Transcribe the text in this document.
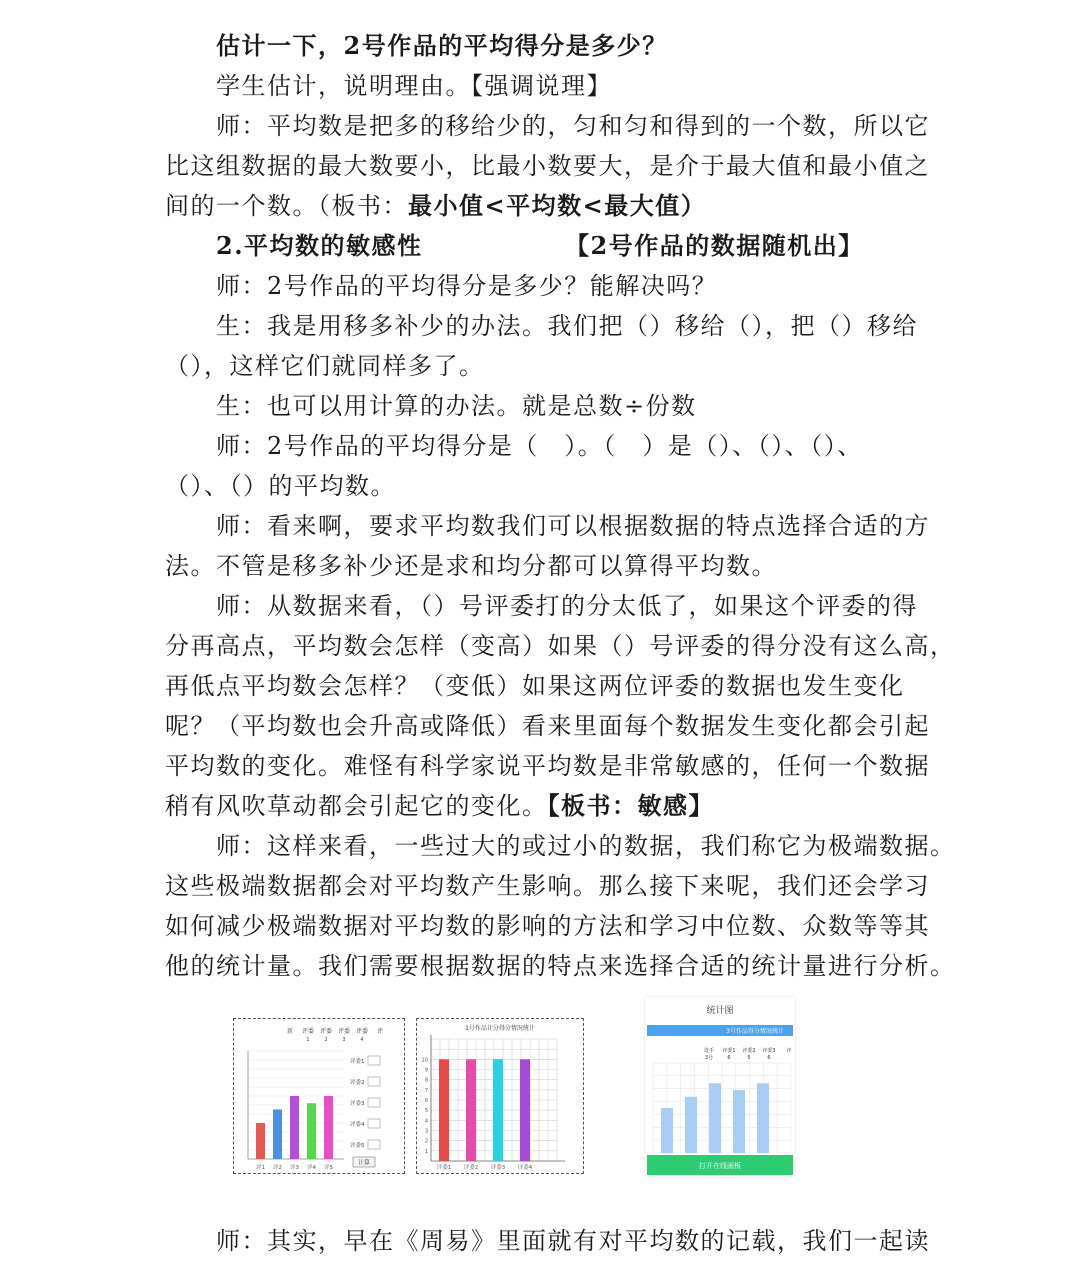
估计一下，2号作品的平均得分是多少？
学生估计，说明理由。【强调说理】
师：平均数是把多的移给少的，匀和匀和得到的一个数，所以它
比这组数据的最大数要小，比最小数要大，是介于最大值和最小值之
间的一个数。（板书：最小值<平均数<最大值）
2.平均数的敏感性	【2号作品的数据随机出】
师：2号作品的平均得分是多少？能解决吗？
生：我是用移多补少的办法。我们把（）移给（），把（）移给
（），这样它们就同样多了。
生：也可以用计算的办法。就是总数÷份数
师：2号作品的平均得分是（　）。（　）是（）、（）、（）、
（）、（）的平均数。
师：看来啊，要求平均数我们可以根据数据的特点选择合适的方
法。不管是移多补少还是求和均分都可以算得平均数。
师：从数据来看，（）号评委打的分太低了，如果这个评委的得
分再高点，平均数会怎样（变高）如果（）号评委的得分没有这么高，
再低点平均数会怎样？（变低）如果这两位评委的数据也发生变化
呢？（平均数也会升高或降低）看来里面每个数据发生变化都会引起
平均数的变化。难怪有科学家说平均数是非常敏感的，任何一个数据
稍有风吹草动都会引起它的变化。【板书：敏感】
师：这样来看，一些过大的或过小的数据，我们称它为极端数据。
这些极端数据都会对平均数产生影响。那么接下来呢，我们还会学习
如何减少极端数据对平均数的影响的方法和学习中位数、众数等等其
他的统计量。我们需要根据数据的特点来选择合适的统计量进行分析。
新 评委
1
评委
2
评委
3
评委
4
评
评委1
评委2
评委3
评委4
评委5
计算
评1 评2 评3 评4 评5
1号作品计分得分情况统计
1
2
3
4
5
6
7
8
9
10
评委1 评委2 评委3 评委4
统计图
3号作品得分情况统计
选手
3号
评委1
6
评委2
5
评委3
6
评
打开在线画板
师：其实，早在《周易》里面就有对平均数的记载，我们一起读
